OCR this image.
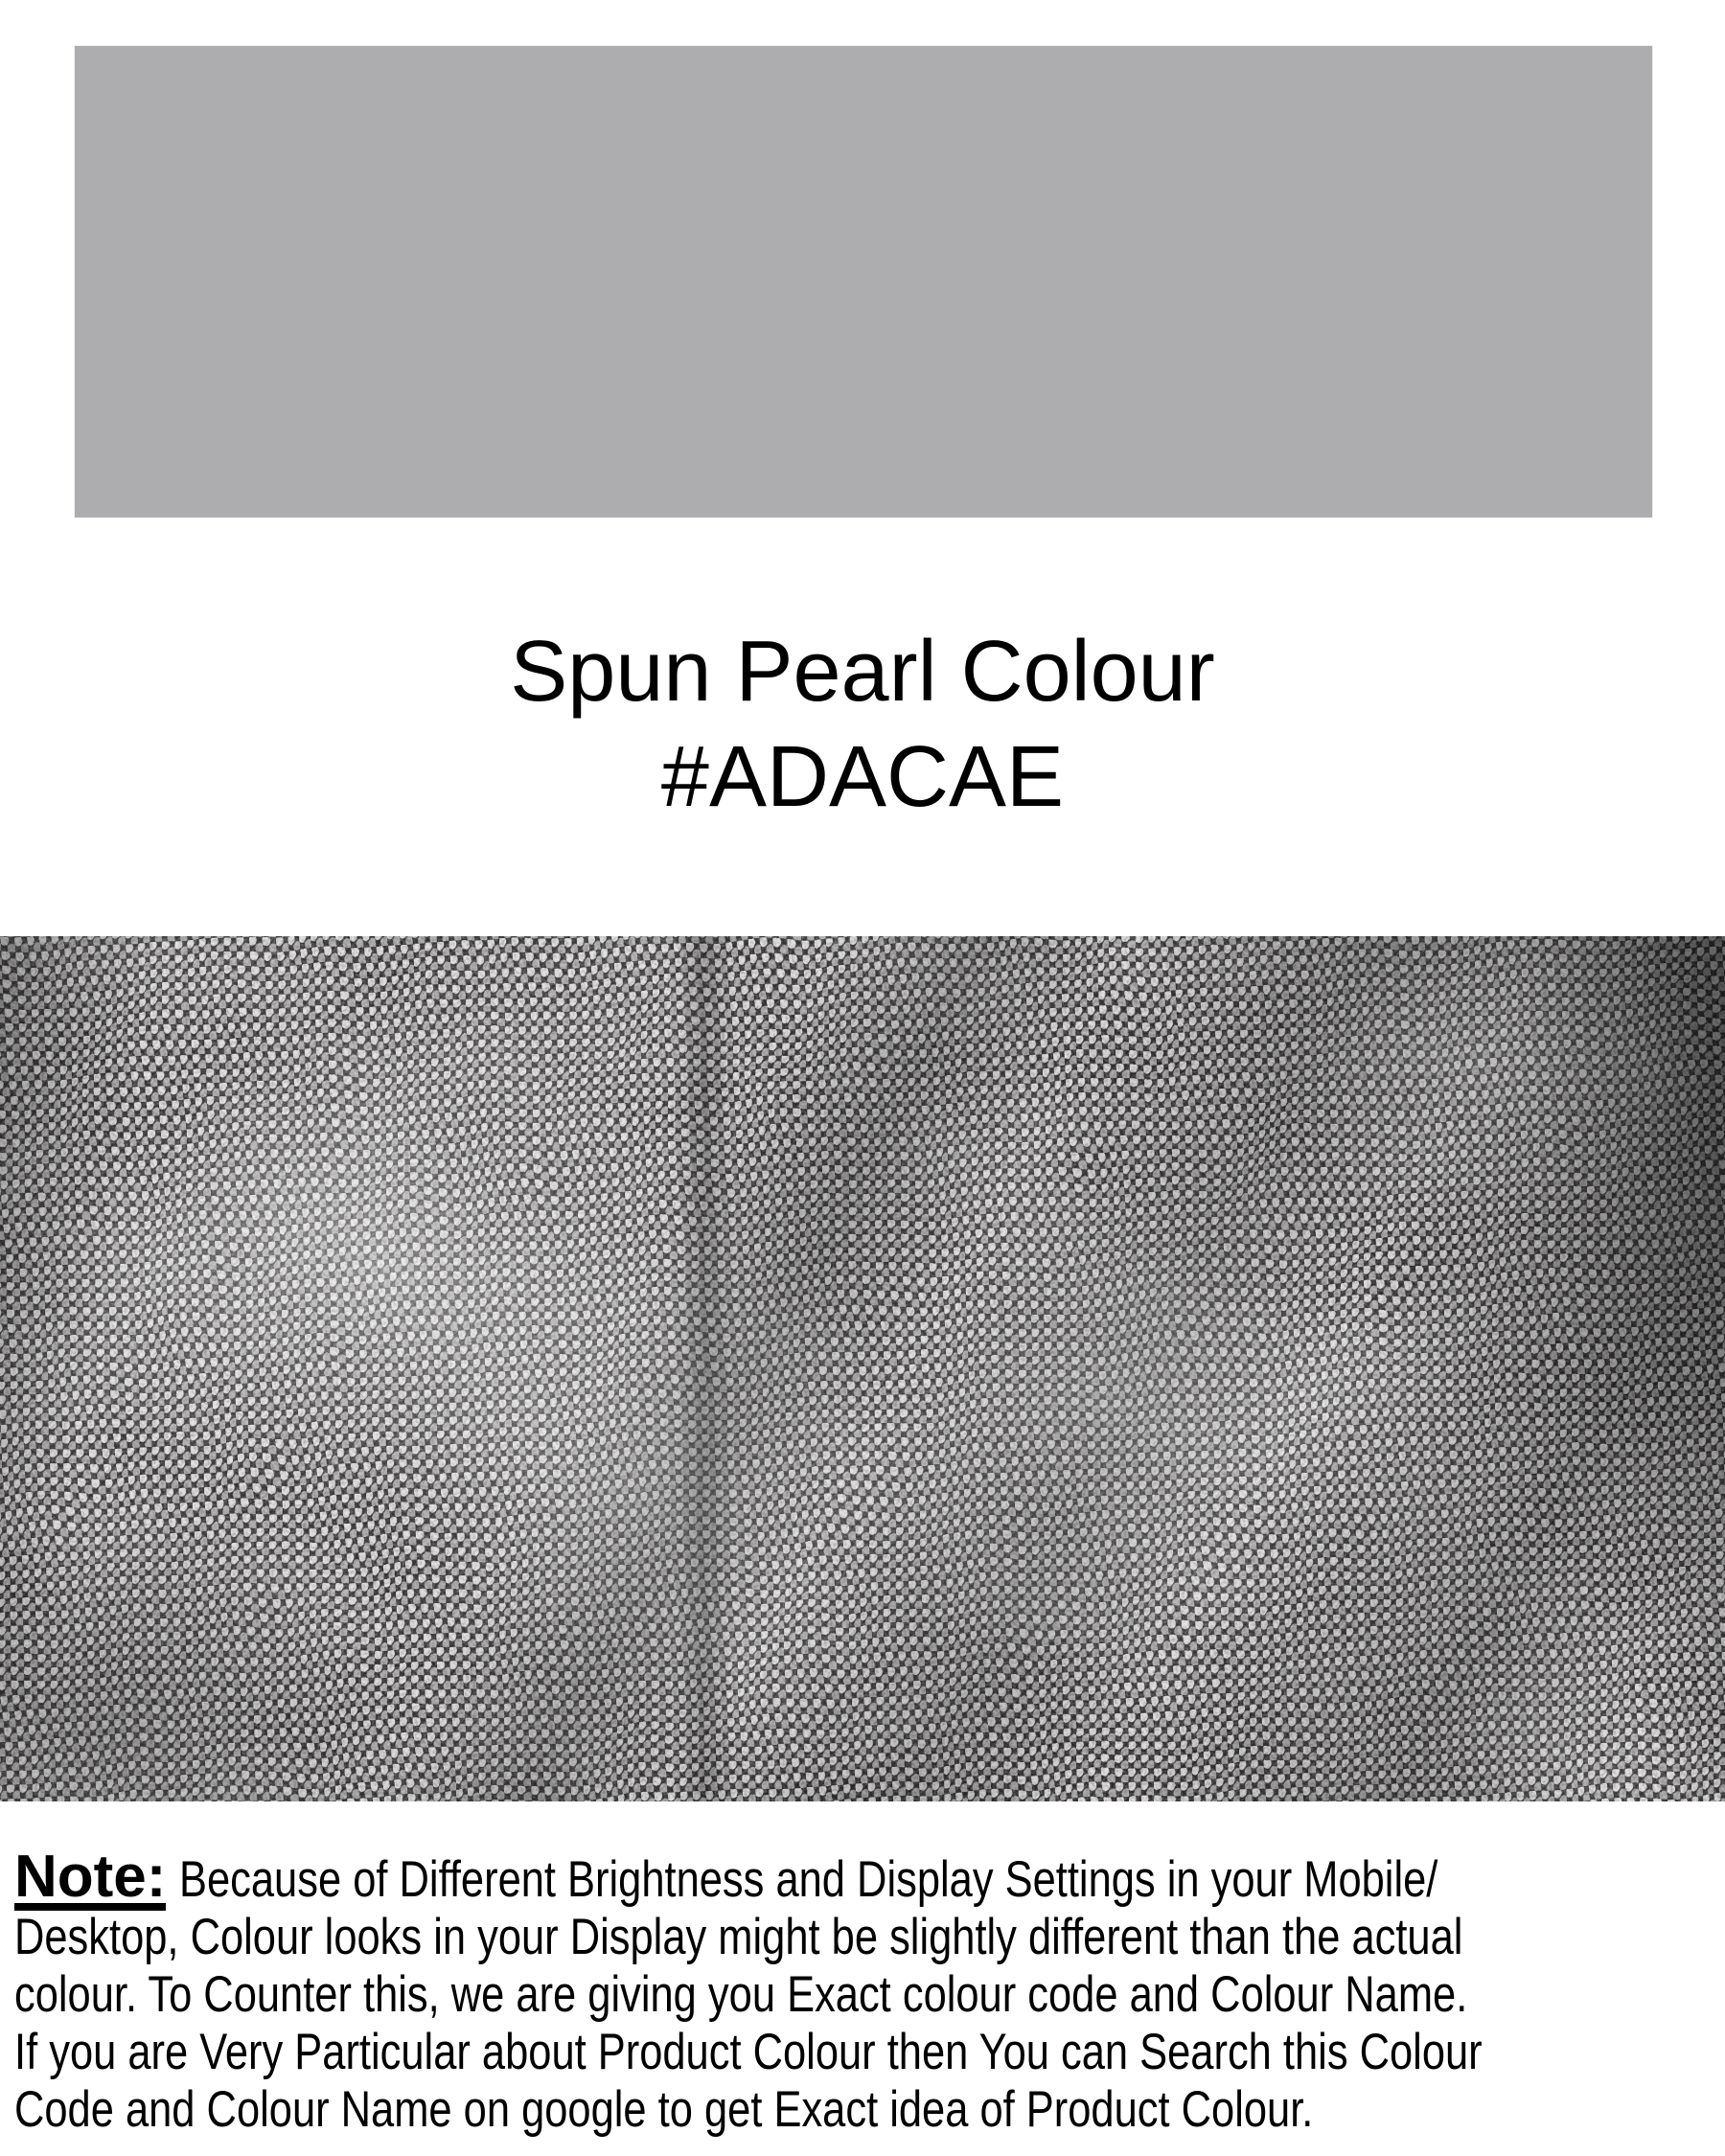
Spun Pearl Colour
#ADACAE
Note: Because of Different Brightness and Display Settings in your Mobile/
Desktop, Colour looks in your Display might be slightly different than the actual
colour. To Counter this, we are giving you Exact colour code and Colour Name.
If you are Very Particular about Product Colour then You can Search this Colour
Code and Colour Name on google to get Exact idea of Product Colour.
